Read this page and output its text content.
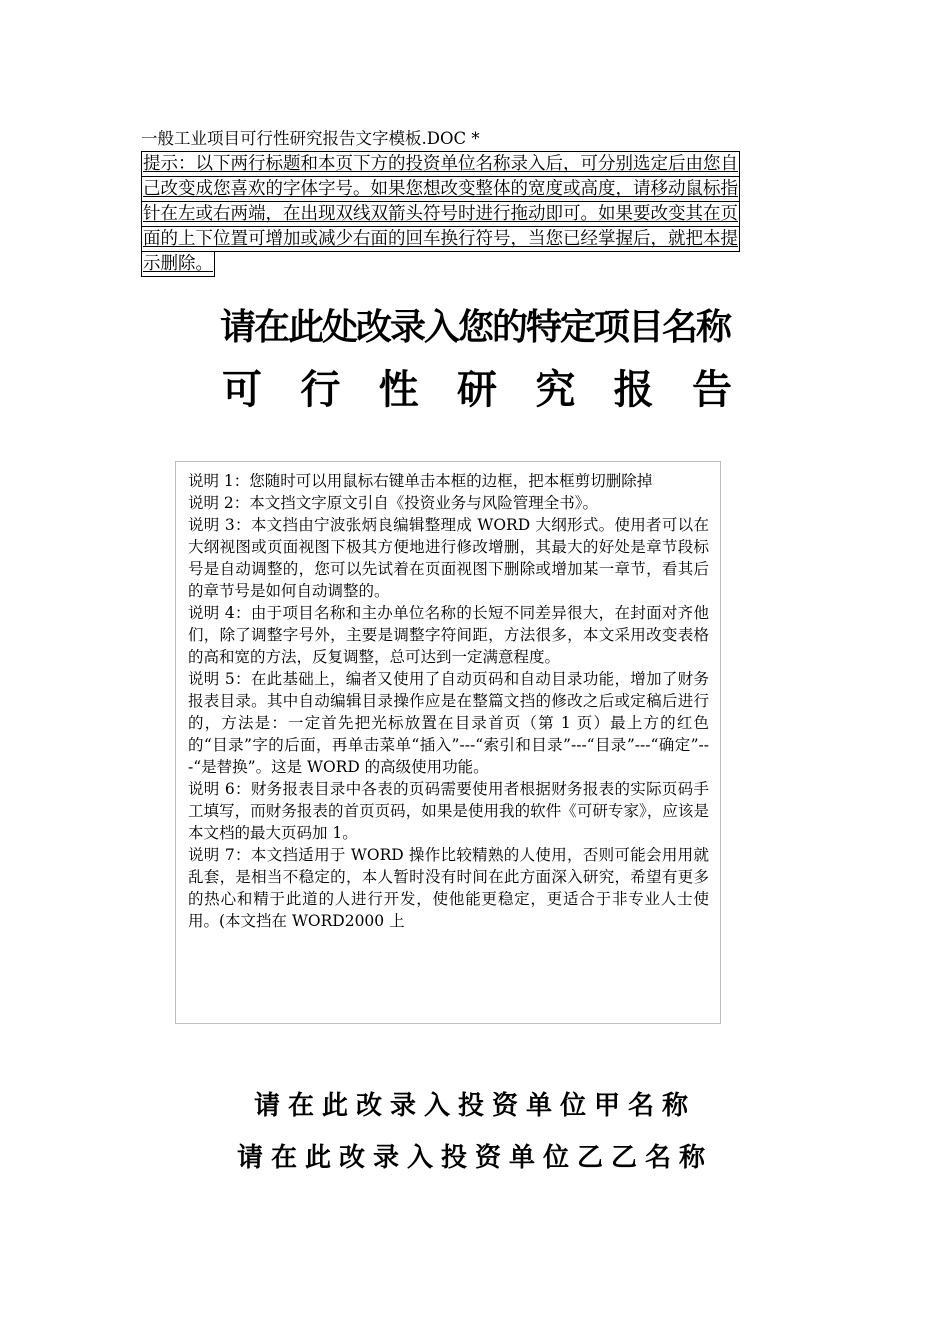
一般工业项目可行性研究报告文字模板.DOC *
提示：以下两行标题和本页下方的投资单位名称录入后，可分别选定后由您自
己改变成您喜欢的字体字号。如果您想改变整体的宽度或高度，请移动鼠标指
针在左或右两端，在出现双线双箭头符号时进行拖动即可。如果要改变其在页
面的上下位置可增加或减少右面的回车换行符号，当您已经掌握后，就把本提
示删除。
请在此处改录入您的特定项目名称
可 行 性 研 究 报 告

说明 1：您随时可以用鼠标右键单击本框的边框，把本框剪切删除掉

说明 2：本文挡文字原文引自《投资业务与风险管理全书》。

说明 3：本文挡由宁波张炳良编辑整理成 WORD 大纲形式。使用者可以在大纲视图或页面视图下极其方便地进行修改增删，其最大的好处是章节段标号是自动调整的，您可以先试着在页面视图下删除或增加某一章节，看其后的章节号是如何自动调整的。

说明 4：由于项目名称和主办单位名称的长短不同差异很大，在封面对齐他们，除了调整字号外，主要是调整字符间距，方法很多，本文采用改变表格的高和宽的方法，反复调整，总可达到一定满意程度。

说明 5：在此基础上，编者又使用了自动页码和自动目录功能，增加了财务报表目录。其中自动编辑目录操作应是在整篇文挡的修改之后或定稿后进行的，方法是：一定首先把光标放置在目录首页（第 1 页）最上方的红色的“目录”字的后面，再单击菜单“插入”---“索引和目录”---“目录”---“确定”---“是替换”。这是 WORD 的高级使用功能。

说明 6：财务报表目录中各表的页码需要使用者根据财务报表的实际页码手工填写，而财务报表的首页页码，如果是使用我的软件《可研专家》，应该是本文档的最大页码加 1。

说明 7：本文挡适用于 WORD 操作比较精熟的人使用，否则可能会用用就乱套，是相当不稳定的，本人暂时没有时间在此方面深入研究，希望有更多的热心和精于此道的人进行开发，使他能更稳定，更适合于非专业人士使用。(本文挡在 WORD2000 上

请在此改录入投资单位甲名称
请在此改录入投资单位乙乙名称
